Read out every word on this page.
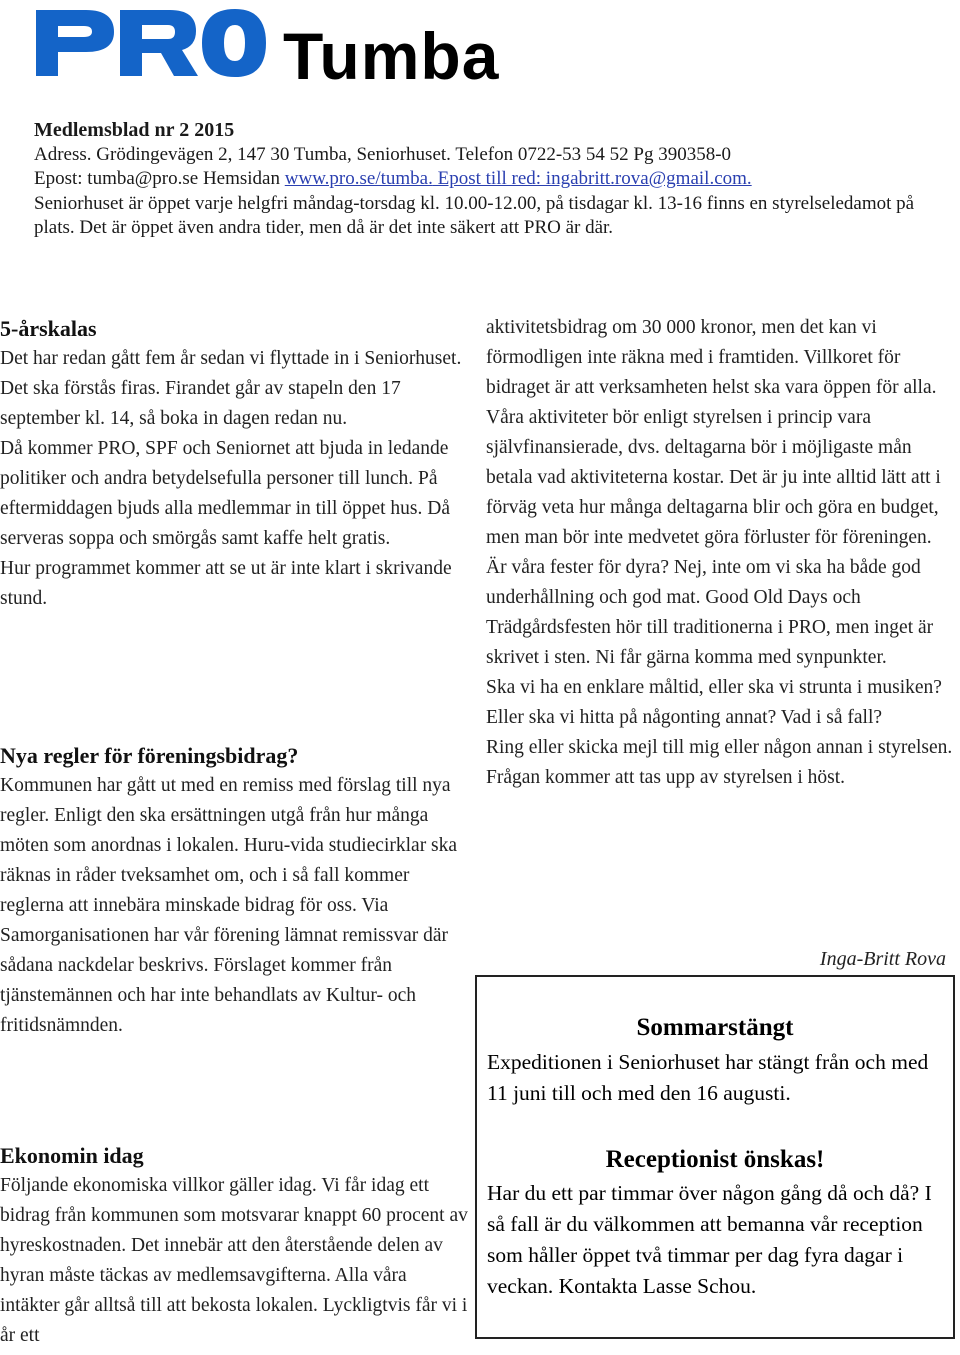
Tumba
Medlemsblad nr 2 2015
Adress. Grödingevägen 2, 147 30 Tumba, Seniorhuset. Telefon 0722-53 54 52 Pg 390358-0
Epost: tumba@pro.se Hemsidan www.pro.se/tumba. Epost till red: ingabritt.rova@gmail.com.
Seniorhuset är öppet varje helgfri måndag-torsdag kl. 10.00-12.00, på tisdagar kl. 13-16 finns en styrelseledamot på plats. Det är öppet även andra tider, men då är det inte säkert att PRO är där.
5-årskalas

Det har redan gått fem år sedan vi flyttade in i Seniorhuset. Det ska förstås firas. Firandet går av stapeln den 17 september kl. 14, så boka in dagen redan nu.

Då kommer PRO, SPF och Seniornet att bjuda in ledande politiker och andra betydelsefulla personer till lunch. På eftermiddagen bjuds alla medlemmar in till öppet hus. Då serveras soppa och smörgås samt kaffe helt gratis.

Hur programmet kommer att se ut är inte klart i skrivande stund.

Nya regler för föreningsbidrag?

Kommunen har gått ut med en remiss med förslag till nya regler. Enligt den ska ersättningen utgå från hur många möten som anordnas i lokalen. Huru-vida studiecirklar ska räknas in råder tveksamhet om, och i så fall kommer reglerna att innebära minskade bidrag för oss. Via Samorganisationen har vår förening lämnat remissvar där sådana nackdelar beskrivs. Förslaget kommer från tjänstemännen och har inte behandlats av Kultur- och fritidsnämnden.

Ekonomin idag

Följande ekonomiska villkor gäller idag. Vi får idag ett bidrag från kommunen som motsvarar knappt 60 procent av hyreskostnaden. Det innebär att den återstående delen av hyran måste täckas av medlemsavgifterna. Alla våra intäkter går alltså till att bekosta lokalen. Lyckligtvis får vi i år ett

aktivitetsbidrag om 30 000 kronor, men det kan vi förmodligen inte räkna med i framtiden. Villkoret för bidraget är att verksamheten helst ska vara öppen för alla.

Våra aktiviteter bör enligt styrelsen i princip vara självfinansierade, dvs. deltagarna bör i möjligaste mån betala vad aktiviteterna kostar. Det är ju inte alltid lätt att i förväg veta hur många deltagarna blir och göra en budget, men man bör inte medvetet göra förluster för föreningen.

Är våra fester för dyra? Nej, inte om vi ska ha både god underhållning och god mat. Good Old Days och Trädgårdsfesten hör till traditionerna i PRO, men inget är skrivet i sten. Ni får gärna komma med synpunkter.

Ska vi ha en enklare måltid, eller ska vi strunta i musiken? Eller ska vi hitta på någonting annat? Vad i så fall?

Ring eller skicka mejl till mig eller någon annan i styrelsen. Frågan kommer att tas upp av styrelsen i höst.

Inga-Britt Rova
Sommarstängt
Expeditionen i Seniorhuset har stängt från och med 11 juni till och med den 16 augusti.
Receptionist önskas!
Har du ett par timmar över någon gång då och då? I så fall är du välkommen att bemanna vår reception som håller öppet två timmar per dag fyra dagar i veckan. Kontakta Lasse Schou.
